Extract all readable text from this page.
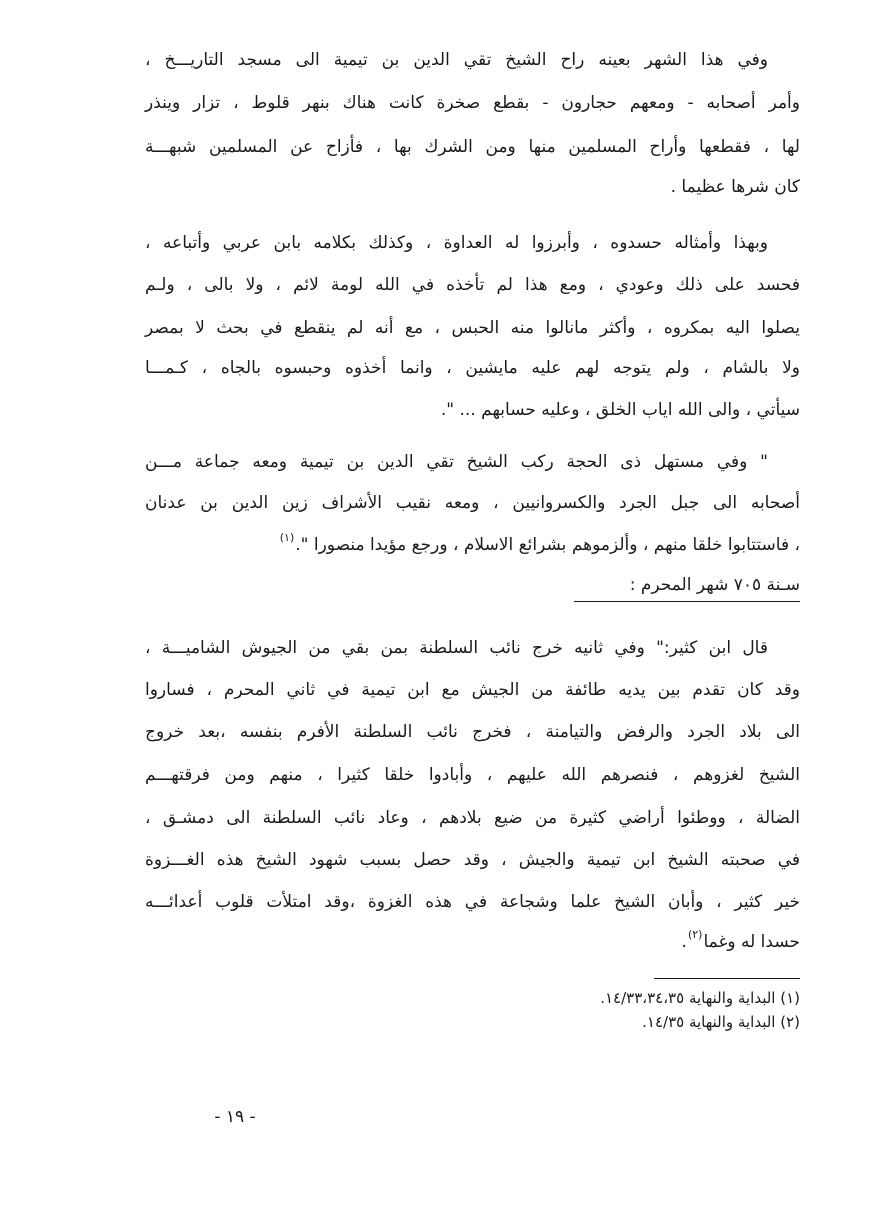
وفي هذا الشهر بعينه راح الشيخ تقي الدين بن تيمية الى مسجد التاريـــخ ،
وأمر أصحابه - ومعهم حجارون - بقطع صخرة كانت هناك بنهر قلوط ، تزار وينذر
لها ، فقطعها وأراح المسلمين منها ومن الشرك بها ، فأزاح عن المسلمين شبهـــة
كان شرها عظيما .
وبهذا وأمثاله حسدوه ، وأبرزوا له العداوة ، وكذلك بكلامه بابن عربي وأتباعه ،
فحسد على ذلك وعودي ، ومع هذا لم تأخذه في الله لومة لائم ، ولا بالى ، ولـم
يصلوا اليه بمكروه ، وأكثر مانالوا منه الحبس ، مع أنه لم ينقطع في بحث لا بمصر
ولا بالشام ، ولم يتوجه لهم عليه مايشين ، وانما أخذوه وحبسوه بالجاه ، كـمـــا
سيأتي ، والى الله اياب الخلق ، وعليه حسابهم ... ".
" وفي مستهل ذى الحجة ركب الشيخ تقي الدين بن تيمية ومعه جماعة مـــن
أصحابه الى جبل الجرد والكسروانيين ، ومعه نقيب الأشراف زين الدين بن عدنان
، فاستتابوا خلقا منهم ، وألزموهم بشرائع الاسلام ، ورجع مؤيدا منصورا ".$^{(١)}$
سـنة ٧٠٥ شهر المحرم :
قال ابن كثير:" وفي ثانيه خرج نائب السلطنة بمن بقي من الجيوش الشاميـــة ،
وقد كان تقدم بين يديه طائفة من الجيش مع ابن تيمية في ثاني المحرم ، فساروا
الى بلاد الجرد والرفض والتيامنة ، فخرج نائب السلطنة الأفرم بنفسه ،بعد خروج
الشيخ لغزوهم ، فنصرهم الله عليهم ، وأبادوا خلقا كثيرا ، منهم ومن فرقتهـــم
الضالة ، ووطئوا أراضي كثيرة من ضيع بلادهم ، وعاد نائب السلطنة الى دمشـق ،
في صحبته الشيخ ابن تيمية والجيش ، وقد حصل بسبب شهود الشيخ هذه الغـــزوة
خير كثير ، وأبان الشيخ علما وشجاعة في هذه الغزوة ،وقد امتلأت قلوب أعدائـــه
حسدا له وغما$^{(٢)}$.
(١) البداية والنهاية ١٤/٣٣،٣٤،٣٥.
(٢) البداية والنهاية ١٤/٣٥.
- ١٩ -
